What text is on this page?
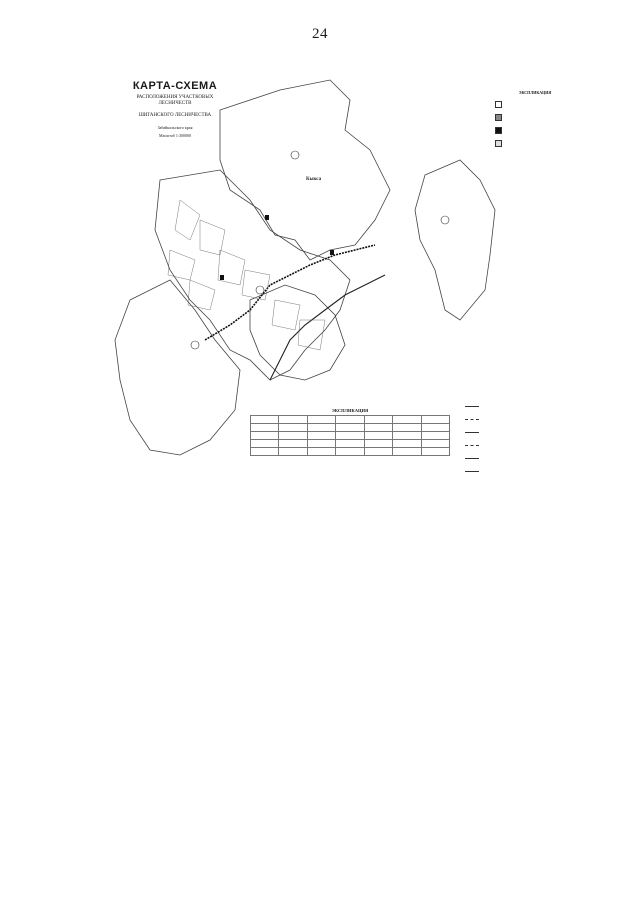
24
КАРТА-СХЕМА
РАСПОЛОЖЕНИЯ УЧАСТКОВЫХ ЛЕСНИЧЕСТВ
ШИГАНСКОГО ЛЕСНИЧЕСТВА
Забайкальского края
Масштаб 1:300000
Кыкса
ЭКСПЛИКАЦИЯ
ЭКСПЛИКАЦИЯ
